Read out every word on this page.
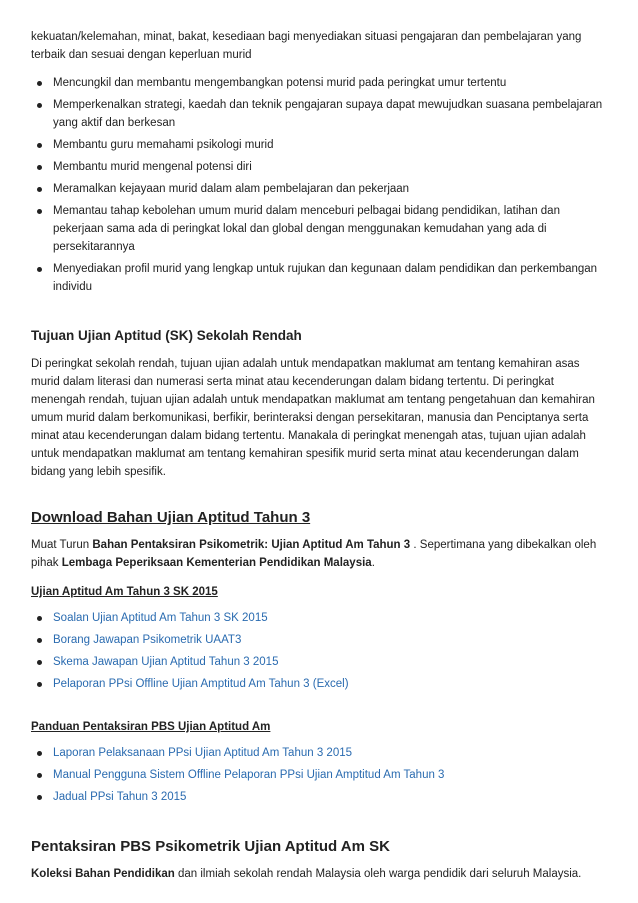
kekuatan/kelemahan, minat, bakat, kesediaan bagi menyediakan situasi pengajaran dan pembelajaran yang terbaik dan sesuai dengan keperluan murid

Mencungkil dan membantu mengembangkan potensi murid pada peringkat umur tertentu
Memperkenalkan strategi, kaedah dan teknik pengajaran supaya dapat mewujudkan suasana pembelajaran yang aktif dan berkesan
Membantu guru memahami psikologi murid
Membantu murid mengenal potensi diri
Meramalkan kejayaan murid dalam alam pembelajaran dan pekerjaan
Memantau tahap kebolehan umum murid dalam menceburi pelbagai bidang pendidikan, latihan dan pekerjaan sama ada di peringkat lokal dan global dengan menggunakan kemudahan yang ada di persekitarannya
Menyediakan profil murid yang lengkap untuk rujukan dan kegunaan dalam pendidikan dan perkembangan individu
Tujuan Ujian Aptitud (SK) Sekolah Rendah

Di peringkat sekolah rendah, tujuan ujian adalah untuk mendapatkan maklumat am tentang kemahiran asas murid dalam literasi dan numerasi serta minat atau kecenderungan dalam bidang tertentu. Di peringkat menengah rendah, tujuan ujian adalah untuk mendapatkan maklumat am tentang pengetahuan dan kemahiran umum murid dalam berkomunikasi, berfikir, berinteraksi dengan persekitaran, manusia dan Penciptanya serta minat atau kecenderungan dalam bidang tertentu. Manakala di peringkat menengah atas, tujuan ujian adalah untuk mendapatkan maklumat am tentang kemahiran spesifik murid serta minat atau kecenderungan dalam bidang yang lebih spesifik.

Download Bahan Ujian Aptitud Tahun 3

Muat Turun Bahan Pentaksiran Psikometrik: Ujian Aptitud Am Tahun 3 . Sepertimana yang dibekalkan oleh pihak Lembaga Peperiksaan Kementerian Pendidikan Malaysia.

Ujian Aptitud Am Tahun 3 SK 2015
Soalan Ujian Aptitud Am Tahun 3 SK 2015
Borang Jawapan Psikometrik UAAT3
Skema Jawapan Ujian Aptitud Tahun 3 2015
Pelaporan PPsi Offline Ujian Amptitud Am Tahun 3 (Excel)
Panduan Pentaksiran PBS Ujian Aptitud Am
Laporan Pelaksanaan PPsi Ujian Aptitud Am Tahun 3 2015
Manual Pengguna Sistem Offline Pelaporan PPsi Ujian Amptitud Am Tahun 3
Jadual PPsi Tahun 3 2015
Pentaksiran PBS Psikometrik Ujian Aptitud Am SK

Koleksi Bahan Pendidikan dan ilmiah sekolah rendah Malaysia oleh warga pendidik dari seluruh Malaysia.
